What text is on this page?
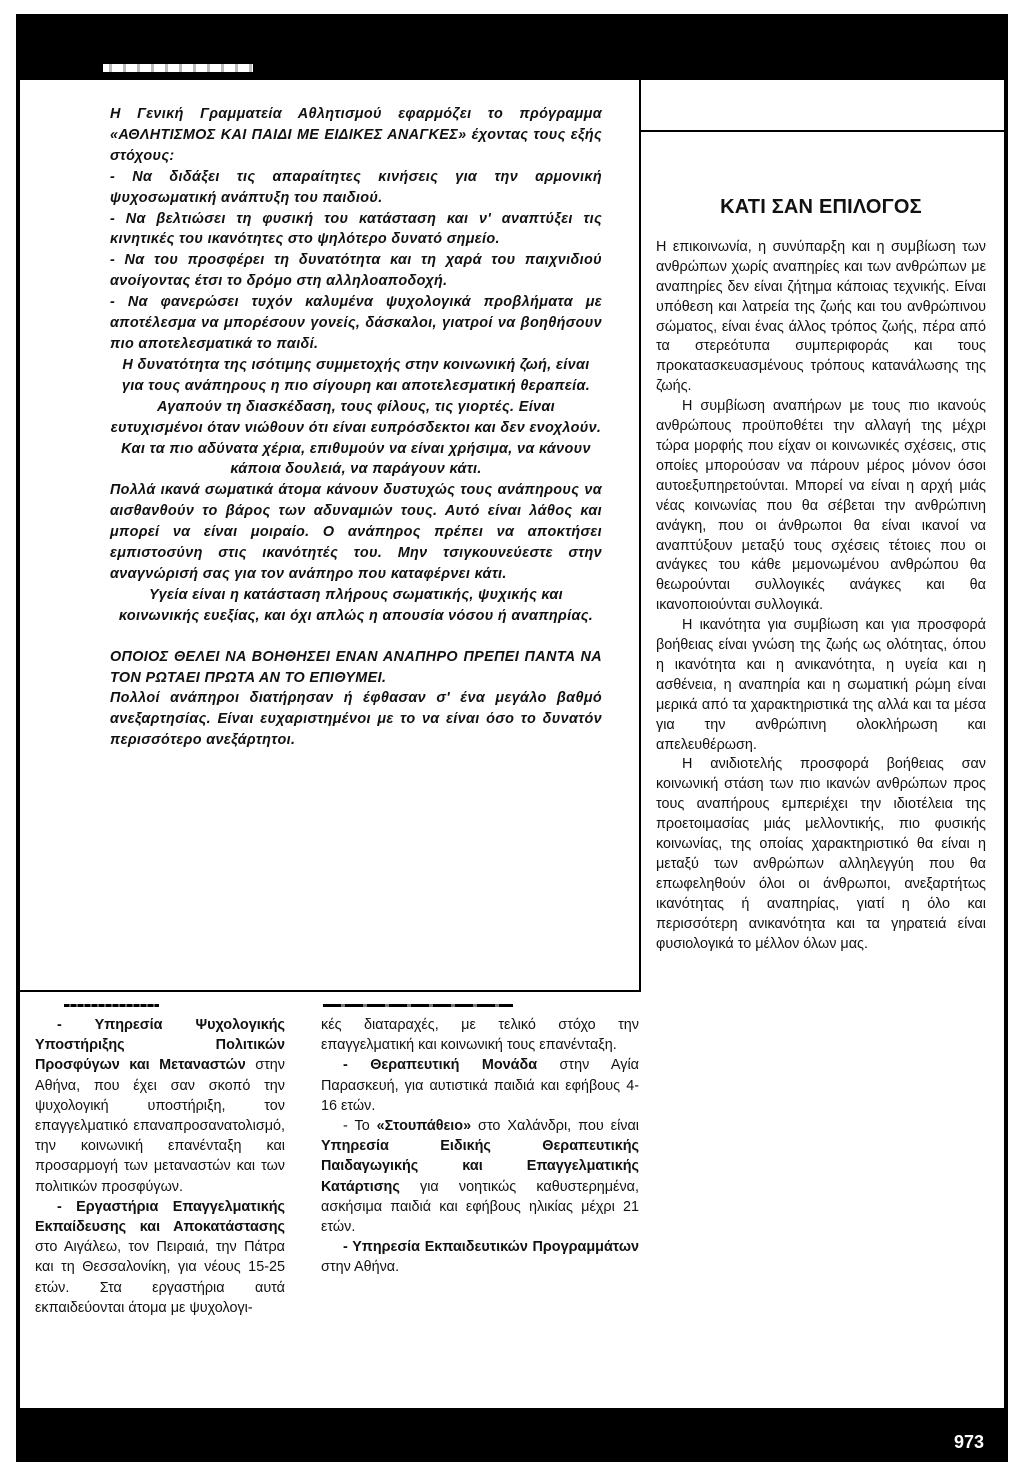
Η Γενική Γραμματεία Αθλητισμού εφαρμόζει το πρόγραμμα «ΑΘΛΗΤΙΣΜΟΣ ΚΑΙ ΠΑΙΔΙ ΜΕ ΕΙΔΙΚΕΣ ΑΝΑΓΚΕΣ» έχοντας τους εξής στόχους:

- Να διδάξει τις απαραίτητες κινήσεις για την αρμονική ψυχοσωματική ανάπτυξη του παιδιού.

- Να βελτιώσει τη φυσική του κατάσταση και ν' αναπτύξει τις κινητικές του ικανότητες στο ψηλότερο δυνατό σημείο.

- Να του προσφέρει τη δυνατότητα και τη χαρά του παιχνιδιού ανοίγοντας έτσι το δρόμο στη αλληλοαποδοχή.

- Να φανερώσει τυχόν καλυμένα ψυχολογικά προβλήματα με αποτέλεσμα να μπορέσουν γονείς, δάσκαλοι, γιατροί να βοηθήσουν πιο αποτελεσματικά το παιδί.

Η δυνατότητα της ισότιμης συμμετοχής στην κοινωνική ζωή, είναι για τους ανάπηρους η πιο σίγουρη και αποτελεσματική θεραπεία. Αγαπούν τη διασκέδαση, τους φίλους, τις γιορτές. Είναι ευτυχισμένοι όταν νιώθουν ότι είναι ευπρόσδεκτοι και δεν ενοχλούν.

Και τα πιο αδύνατα χέρια, επιθυμούν να είναι χρήσιμα, να κάνουν κάποια δουλειά, να παράγουν κάτι.

Πολλά ικανά σωματικά άτομα κάνουν δυστυχώς τους ανάπηρους να αισθανθούν το βάρος των αδυναμιών τους. Αυτό είναι λάθος και μπορεί να είναι μοιραίο. Ο ανάπηρος πρέπει να αποκτήσει εμπιστοσύνη στις ικανότητές του. Μην τσιγκουνεύεστε στην αναγνώρισή σας για τον ανάπηρο που καταφέρνει κάτι.

Υγεία είναι η κατάσταση πλήρους σωματικής, ψυχικής και κοινωνικής ευεξίας, και όχι απλώς η απουσία νόσου ή αναπηρίας.

ΟΠΟΙΟΣ ΘΕΛΕΙ ΝΑ ΒΟΗΘΗΣΕΙ ΕΝΑΝ ΑΝΑΠΗΡΟ ΠΡΕΠΕΙ ΠΑΝΤΑ ΝΑ ΤΟΝ ΡΩΤΑΕΙ ΠΡΩΤΑ ΑΝ ΤΟ ΕΠΙΘΥΜΕΙ.

Πολλοί ανάπηροι διατήρησαν ή έφθασαν σ' ένα μεγάλο βαθμό ανεξαρτησίας. Είναι ευχαριστημένοι με το να είναι όσο το δυνατόν περισσότερο ανεξάρτητοι.

ΚΑΤΙ ΣΑΝ ΕΠΙΛΟΓΟΣ

Η επικοινωνία, η συνύπαρξη και η συμβίωση των ανθρώπων χωρίς αναπηρίες και των ανθρώπων με αναπηρίες δεν είναι ζήτημα κάποιας τεχνικής. Είναι υπόθεση και λατρεία της ζωής και του ανθρώπινου σώματος, είναι ένας άλλος τρόπος ζωής, πέρα από τα στερεότυπα συμπεριφοράς και τους προκατασκευασμένους τρόπους κατανάλωσης της ζωής.

Η συμβίωση αναπήρων με τους πιο ικανούς ανθρώπους προϋποθέτει την αλλαγή της μέχρι τώρα μορφής που είχαν οι κοινωνικές σχέσεις, στις οποίες μπορούσαν να πάρουν μέρος μόνον όσοι αυτοεξυπηρετούνται. Μπορεί να είναι η αρχή μιάς νέας κοινωνίας που θα σέβεται την ανθρώπινη ανάγκη, που οι άνθρωποι θα είναι ικανοί να αναπτύξουν μεταξύ τους σχέσεις τέτοιες που οι ανάγκες του κάθε μεμονωμένου ανθρώπου θα θεωρούνται συλλογικές ανάγκες και θα ικανοποιούνται συλλογικά.

Η ικανότητα για συμβίωση και για προσφορά βοήθειας είναι γνώση της ζωής ως ολότητας, όπου η ικανότητα και η ανικανότητα, η υγεία και η ασθένεια, η αναπηρία και η σωματική ρώμη είναι μερικά από τα χαρακτηριστικά της αλλά και τα μέσα για την ανθρώπινη ολοκλήρωση και απελευθέρωση.

Η ανιδιοτελής προσφορά βοήθειας σαν κοινωνική στάση των πιο ικανών ανθρώπων προς τους αναπήρους εμπεριέχει την ιδιοτέλεια της προετοιμασίας μιάς μελλοντικής, πιο φυσικής κοινωνίας, της οποίας χαρακτηριστικό θα είναι η μεταξύ των ανθρώπων αλληλεγγύη που θα επωφεληθούν όλοι οι άνθρωποι, ανεξαρτήτως ικανότητας ή αναπηρίας, γιατί η όλο και περισσότερη ανικανότητα και τα γηρατειά είναι φυσιολογικά το μέλλον όλων μας.

- Υπηρεσία Ψυχολογικής Υποστήριξης Πολιτικών Προσφύγων και Μεταναστών στην Αθήνα, που έχει σαν σκοπό την ψυχολογική υποστήριξη, τον επαγγελματικό επαναπροσανατολισμό, την κοινωνική επανένταξη και προσαρμογή των μεταναστών και των πολιτικών προσφύγων.

- Εργαστήρια Επαγγελματικής Εκπαίδευσης και Αποκατάστασης στο Αιγάλεω, τον Πειραιά, την Πάτρα και τη Θεσσαλονίκη, για νέους 15-25 ετών. Στα εργαστήρια αυτά εκπαιδεύονται άτομα με ψυχολογι-

κές διαταραχές, με τελικό στόχο την επαγγελματική και κοινωνική τους επανένταξη.

- Θεραπευτική Μονάδα στην Αγία Παρασκευή, για αυτιστικά παιδιά και εφήβους 4-16 ετών.

- Το «Στουπάθειο» στο Χαλάνδρι, που είναι Υπηρεσία Ειδικής Θεραπευτικής Παιδαγωγικής και Επαγγελματικής Κατάρτισης για νοητικώς καθυστερημένα, ασκήσιμα παιδιά και εφήβους ηλικίας μέχρι 21 ετών.

- Υπηρεσία Εκπαιδευτικών Προγραμμάτων στην Αθήνα.

973
